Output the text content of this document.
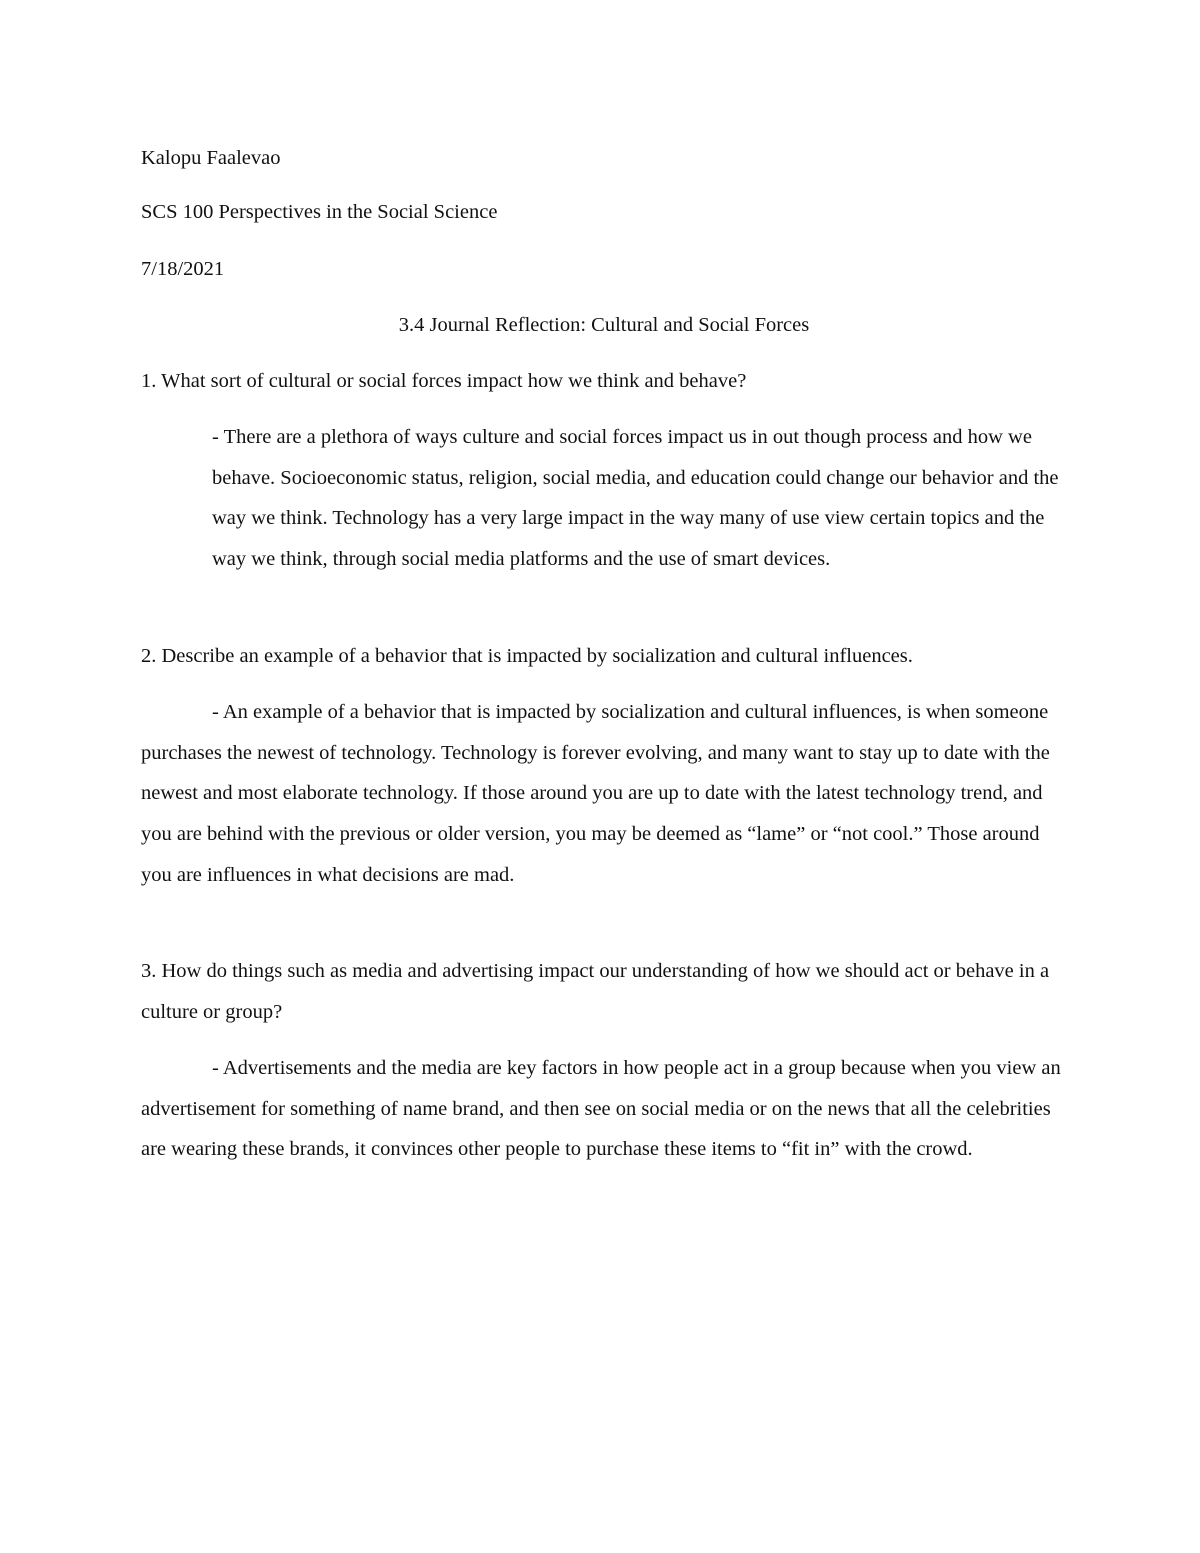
Kalopu Faalevao
SCS 100 Perspectives in the Social Science
7/18/2021
3.4 Journal Reflection: Cultural and Social Forces
1. What sort of cultural or social forces impact how we think and behave?
- There are a plethora of ways culture and social forces impact us in out though process and how we behave. Socioeconomic status, religion, social media, and education could change our behavior and the way we think. Technology has a very large impact in the way many of use view certain topics and the way we think, through social media platforms and the use of smart devices.
2. Describe an example of a behavior that is impacted by socialization and cultural influences.
- An example of a behavior that is impacted by socialization and cultural influences, is when someone purchases the newest of technology. Technology is forever evolving, and many want to stay up to date with the newest and most elaborate technology. If those around you are up to date with the latest technology trend, and you are behind with the previous or older version, you may be deemed as “lame” or “not cool.” Those around you are influences in what decisions are mad.
3. How do things such as media and advertising impact our understanding of how we should act or behave in a culture or group?
- Advertisements and the media are key factors in how people act in a group because when you view an advertisement for something of name brand, and then see on social media or on the news that all the celebrities are wearing these brands, it convinces other people to purchase these items to “fit in” with the crowd.
